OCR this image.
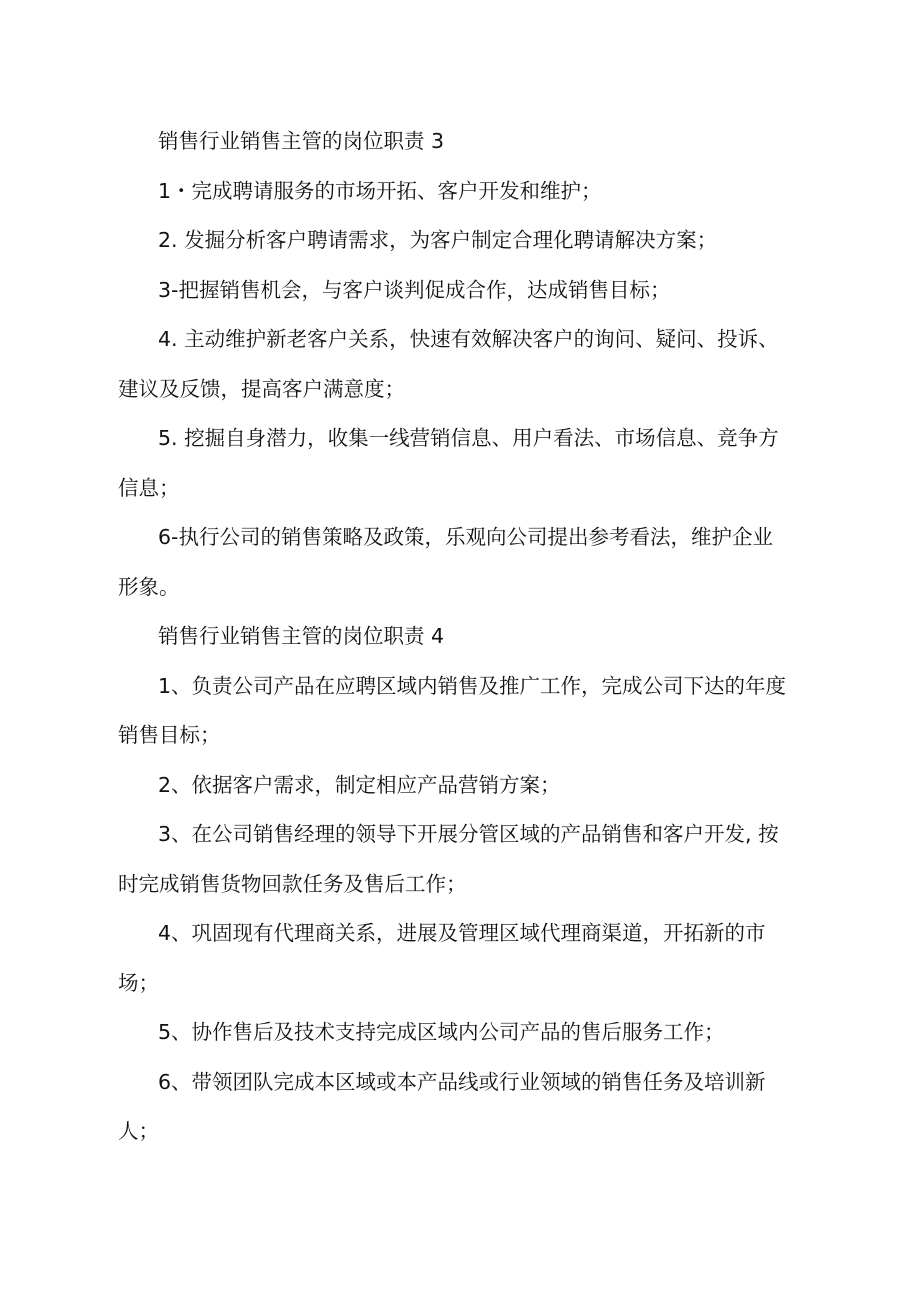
销售行业销售主管的岗位职责 3

1・完成聘请服务的市场开拓、客户开发和维护；

2. 发掘分析客户聘请需求，为客户制定合理化聘请解决方案；

3-把握销售机会，与客户谈判促成合作，达成销售目标；

4. 主动维护新老客户关系，快速有效解决客户的询问、疑问、投诉、建议及反馈，提高客户满意度；

5. 挖掘自身潜力，收集一线营销信息、用户看法、市场信息、竞争方信息；

6-执行公司的销售策略及政策，乐观向公司提出参考看法，维护企业形象。

销售行业销售主管的岗位职责 4

1、负责公司产品在应聘区域内销售及推广工作，完成公司下达的年度销售目标；

2、依据客户需求，制定相应产品营销方案；

3、在公司销售经理的领导下开展分管区域的产品销售和客户开发, 按时完成销售货物回款任务及售后工作；

4、巩固现有代理商关系，进展及管理区域代理商渠道，开拓新的市场；

5、协作售后及技术支持完成区域内公司产品的售后服务工作；

6、带领团队完成本区域或本产品线或行业领域的销售任务及培训新人；
